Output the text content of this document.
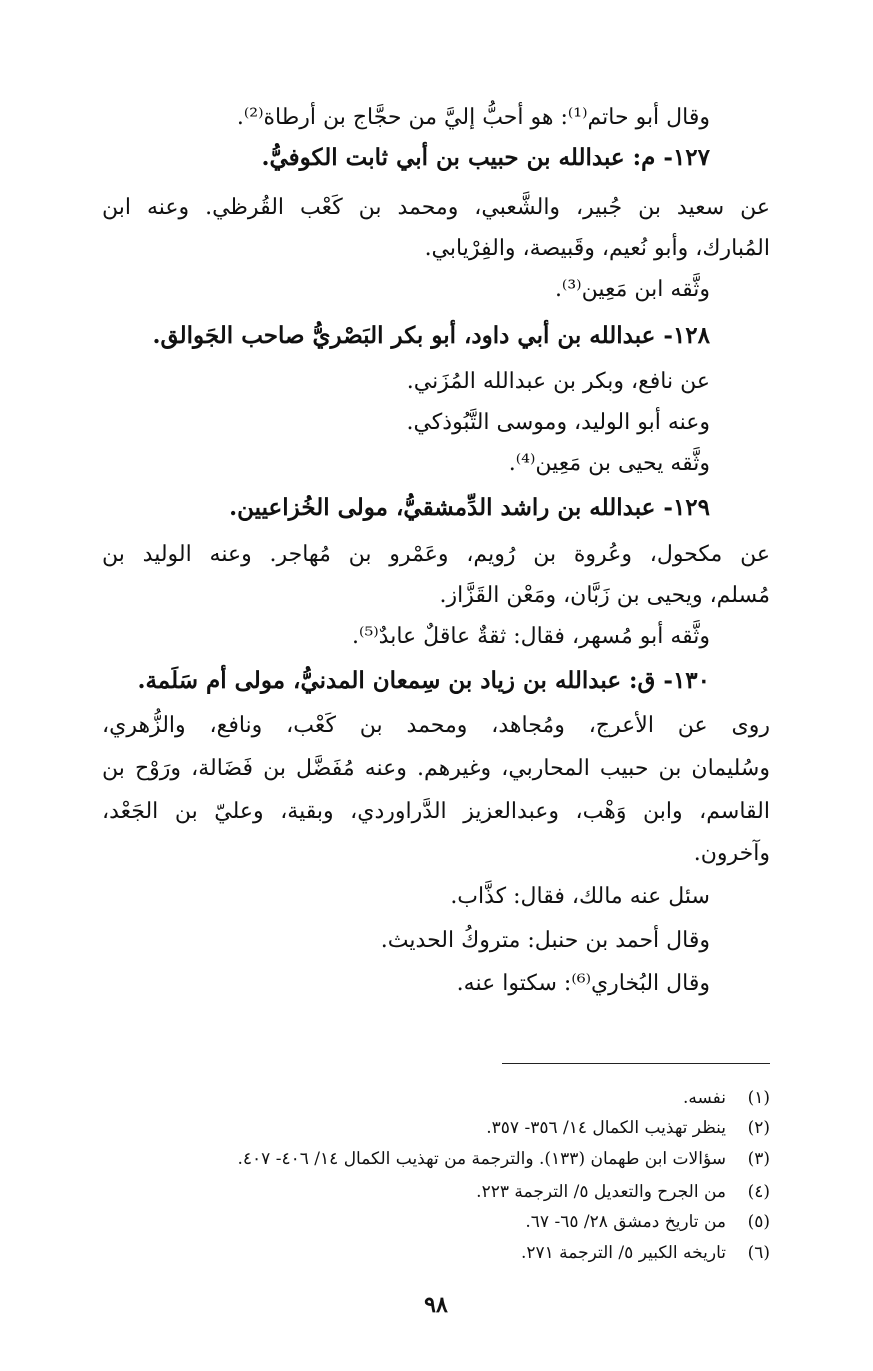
وقال أبو حاتم⁽¹⁾: هو أحبُّ إليَّ من حجَّاج بن أرطاة⁽²⁾.
١٢٧- م: عبدالله بن حبيب بن أبي ثابت الكوفيُّ.
عن سعيد بن جُبير، والشَّعبي، ومحمد بن كَعْب القُرظي. وعنه ابن
المُبارك، وأبو نُعيم، وقَبيصة، والفِرْيابي.
وثَّقه ابن مَعِين⁽³⁾.
١٢٨- عبدالله بن أبي داود، أبو بكر البَصْريُّ صاحب الجَوالق.
عن نافع، وبكر بن عبدالله المُزَني.
وعنه أبو الوليد، وموسى التَّبُوذكي.
وثَّقه يحيى بن مَعِين⁽⁴⁾.
١٢٩- عبدالله بن راشد الدِّمشقيُّ، مولى الخُزاعيين.
عن مكحول، وعُروة بن رُويم، وعَمْرو بن مُهاجر. وعنه الوليد بن
مُسلم، ويحيى بن زَبَّان، ومَعْن القَزَّاز.
وثَّقه أبو مُسهر، فقال: ثقةٌ عاقلٌ عابدٌ⁽⁵⁾.
١٣٠- ق: عبدالله بن زياد بن سِمعان المدنيُّ، مولى أم سَلَمة.
روى عن الأعرج، ومُجاهد، ومحمد بن كَعْب، ونافع، والزُّهري،
وسُليمان بن حبيب المحاربي، وغيرهم. وعنه مُفَضَّل بن فَضَالة، ورَوْح بن
القاسم، وابن وَهْب، وعبدالعزيز الدَّراوردي، وبقية، وعليّ بن الجَعْد،
وآخرون.
سئل عنه مالك، فقال: كذَّاب.
وقال أحمد بن حنبل: متروكُ الحديث.
وقال البُخاري⁽⁶⁾: سكتوا عنه.
(١)نفسه.
(٢)ينظر تهذيب الكمال ١٤/ ٣٥٦- ٣٥٧.
(٣)سؤالات ابن طهمان (١٣٣). والترجمة من تهذيب الكمال ١٤/ ٤٠٦- ٤٠٧.
(٤)من الجرح والتعديل ٥/ الترجمة ٢٢٣.
(٥)من تاريخ دمشق ٢٨/ ٦٥- ٦٧.
(٦)تاريخه الكبير ٥/ الترجمة ٢٧١.
٩٨
